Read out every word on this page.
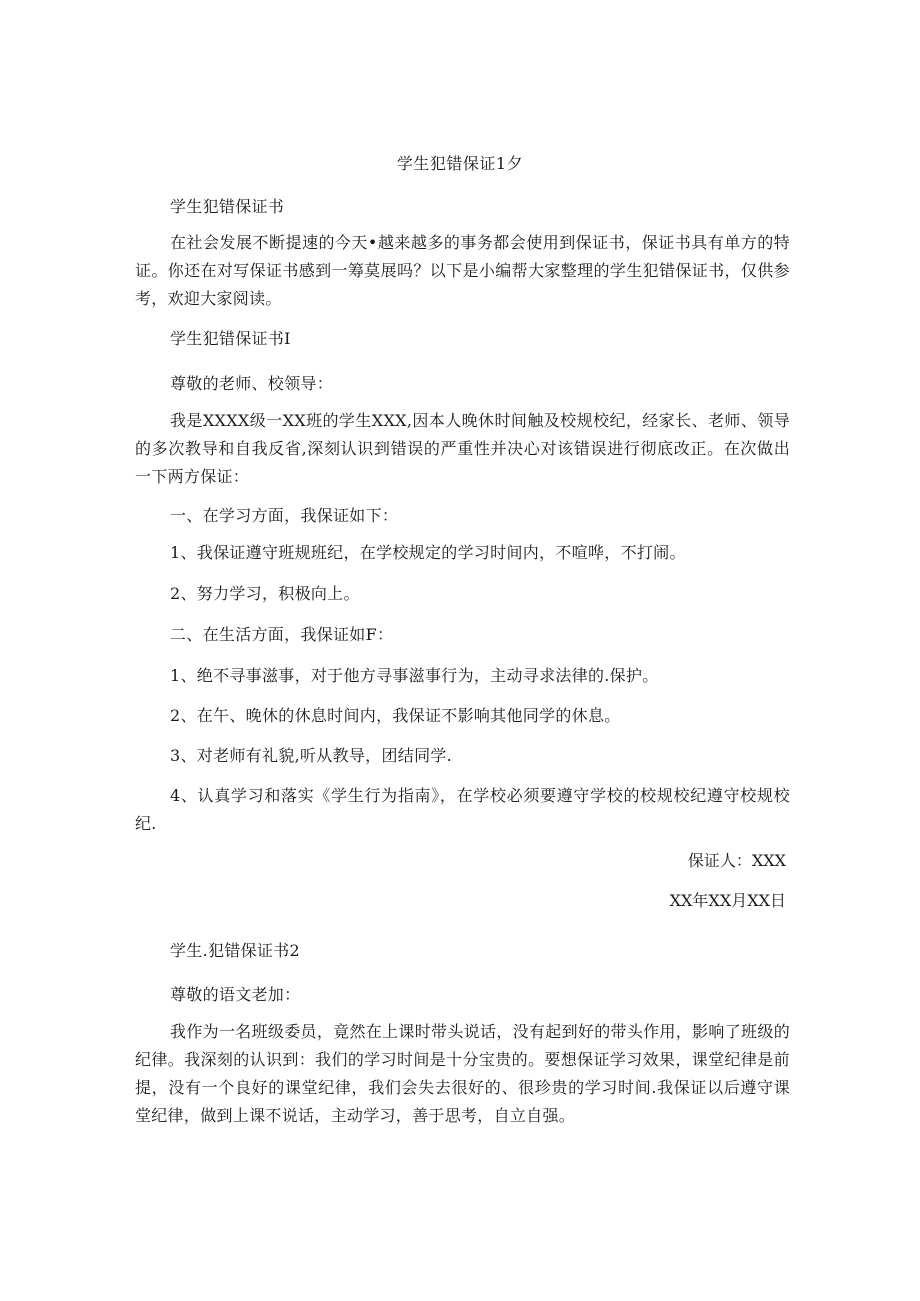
学生犯错保证1夕
学生犯错保证书
在社会发展不断提速的今天•越来越多的事务都会使用到保证书，保证书具有单方的特证。你还在对写保证书感到一筹莫展吗？以下是小编帮大家整理的学生犯错保证书，仅供参考，欢迎大家阅读。
学生犯错保证书I
尊敬的老师、校领导：
我是XXXX级一XX班的学生XXX,因本人晚休时间触及校规校纪，经家长、老师、领导的多次教导和自我反省,深刻认识到错误的严重性并决心对该错误进行彻底改正。在次做出一下两方保证：
一、在学习方面，我保证如下：
1、我保证遵守班规班纪，在学校规定的学习时间内，不喧哗，不打闹。
2、努力学习，积极向上。
二、在生活方面，我保证如F：
1、绝不寻事滋事，对于他方寻事滋事行为，主动寻求法律的.保护。
2、在午、晚休的休息时间内，我保证不影响其他同学的休息。
3、对老师有礼貌,听从教导，团结同学.
4、认真学习和落实《学生行为指南》，在学校必须要遵守学校的校规校纪遵守校规校纪.
保证人：XXX
XX年XX月XX日
学生.犯错保证书2
尊敬的语文老加：
我作为一名班级委员，竟然在上课时带头说话，没有起到好的带头作用，影响了班级的纪律。我深刻的认识到：我们的学习时间是十分宝贵的。要想保证学习效果，课堂纪律是前提，没有一个良好的课堂纪律，我们会失去很好的、很珍贵的学习时间.我保证以后遵守课堂纪律，做到上课不说话，主动学习，善于思考，自立自强。
